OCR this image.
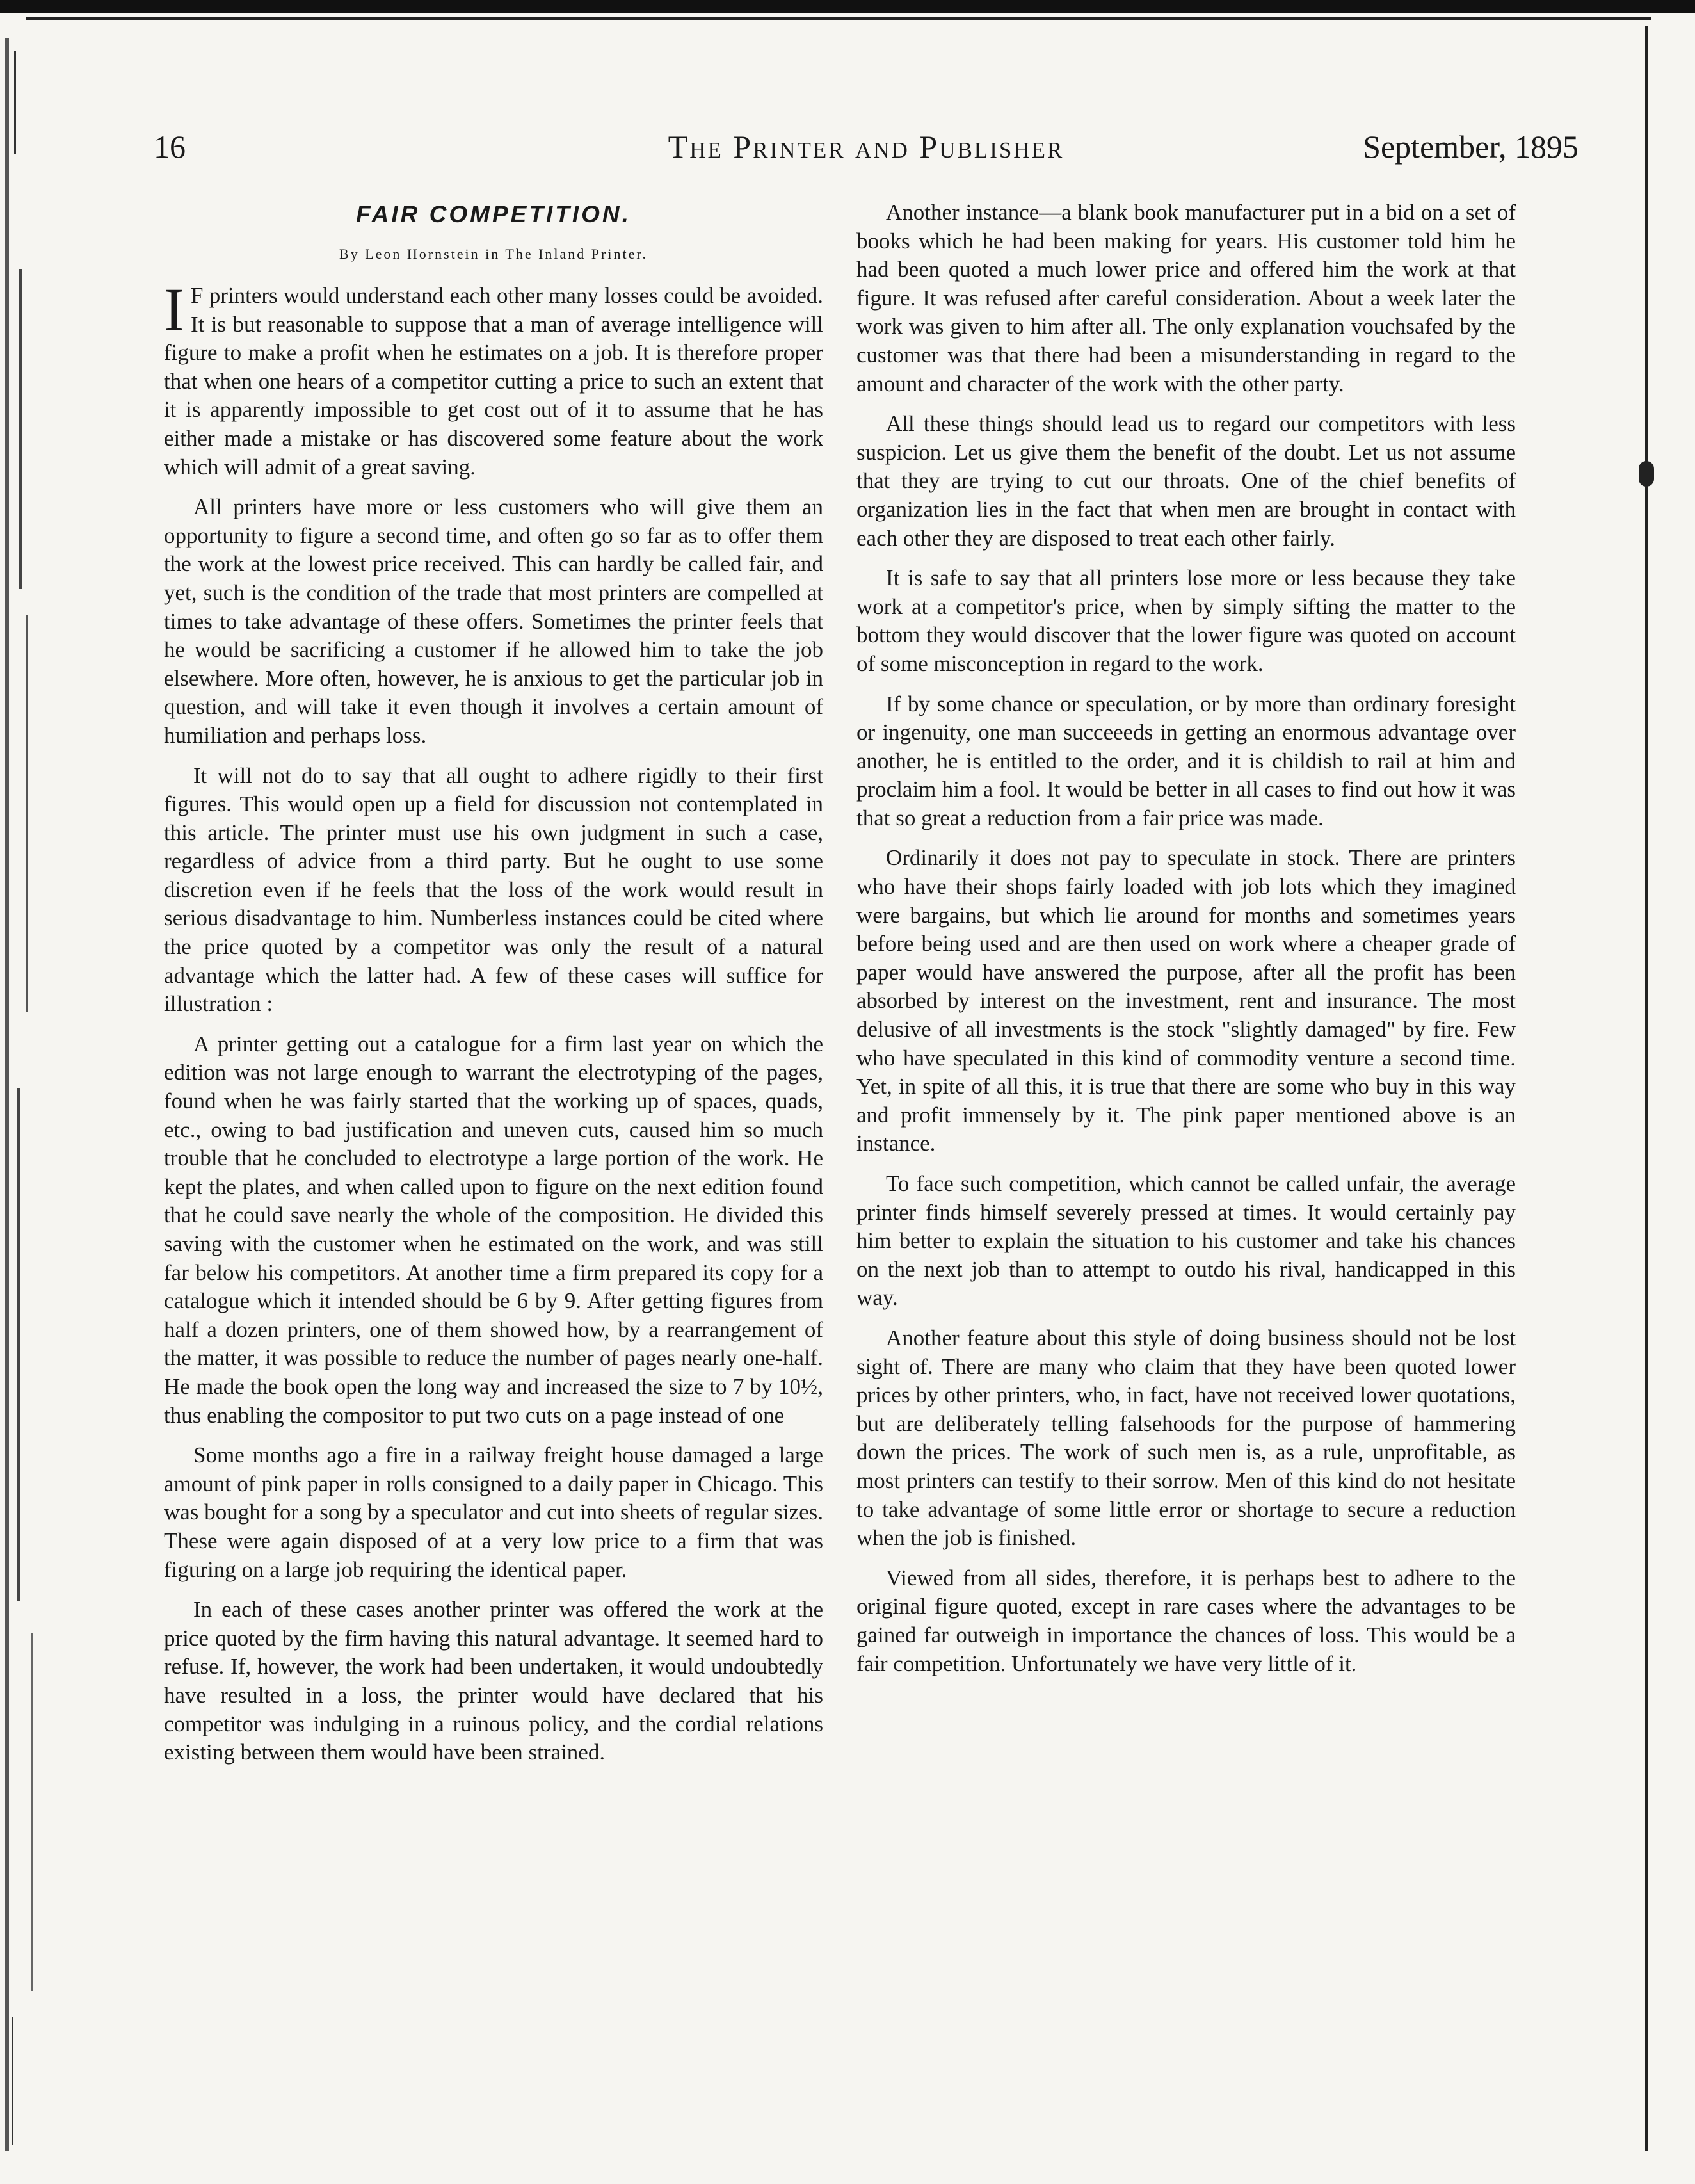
16	The Printer and Publisher	September, 1895
FAIR COMPETITION.
By Leon Hornstein in The Inland Printer.

I F printers would understand each other many losses could be avoided. It is but reasonable to suppose that a man of average intelligence will figure to make a profit when he estimates on a job. It is therefore proper that when one hears of a competitor cutting a price to such an extent that it is apparently impossible to get cost out of it to assume that he has either made a mistake or has discovered some feature about the work which will admit of a great saving.

All printers have more or less customers who will give them an opportunity to figure a second time, and often go so far as to offer them the work at the lowest price received. This can hardly be called fair, and yet, such is the condition of the trade that most printers are compelled at times to take advantage of these offers. Sometimes the printer feels that he would be sacrificing a customer if he allowed him to take the job elsewhere. More often, however, he is anxious to get the particular job in question, and will take it even though it involves a certain amount of humiliation and perhaps loss.

It will not do to say that all ought to adhere rigidly to their first figures. This would open up a field for discussion not contemplated in this article. The printer must use his own judgment in such a case, regardless of advice from a third party. But he ought to use some discretion even if he feels that the loss of the work would result in serious disadvantage to him. Numberless instances could be cited where the price quoted by a competitor was only the result of a natural advantage which the latter had. A few of these cases will suffice for illustration :

A printer getting out a catalogue for a firm last year on which the edition was not large enough to warrant the electrotyping of the pages, found when he was fairly started that the working up of spaces, quads, etc., owing to bad justification and uneven cuts, caused him so much trouble that he concluded to electrotype a large portion of the work. He kept the plates, and when called upon to figure on the next edition found that he could save nearly the whole of the composition. He divided this saving with the customer when he estimated on the work, and was still far below his competitors. At another time a firm prepared its copy for a catalogue which it intended should be 6 by 9. After getting figures from half a dozen printers, one of them showed how, by a rearrangement of the matter, it was possible to reduce the number of pages nearly one-half. He made the book open the long way and increased the size to 7 by 10½, thus enabling the compositor to put two cuts on a page instead of one

Some months ago a fire in a railway freight house damaged a large amount of pink paper in rolls consigned to a daily paper in Chicago. This was bought for a song by a speculator and cut into sheets of regular sizes. These were again disposed of at a very low price to a firm that was figuring on a large job requiring the identical paper.

In each of these cases another printer was offered the work at the price quoted by the firm having this natural advantage. It seemed hard to refuse. If, however, the work had been undertaken, it would undoubtedly have resulted in a loss, the printer would have declared that his competitor was indulging in a ruinous policy, and the cordial relations existing between them would have been strained.

Another instance—a blank book manufacturer put in a bid on a set of books which he had been making for years. His customer told him he had been quoted a much lower price and offered him the work at that figure. It was refused after careful consideration. About a week later the work was given to him after all. The only explanation vouchsafed by the customer was that there had been a misunderstanding in regard to the amount and character of the work with the other party.

All these things should lead us to regard our competitors with less suspicion. Let us give them the benefit of the doubt. Let us not assume that they are trying to cut our throats. One of the chief benefits of organization lies in the fact that when men are brought in contact with each other they are disposed to treat each other fairly.

It is safe to say that all printers lose more or less because they take work at a competitor's price, when by simply sifting the matter to the bottom they would discover that the lower figure was quoted on account of some misconception in regard to the work.

If by some chance or speculation, or by more than ordinary foresight or ingenuity, one man succeeeds in getting an enormous advantage over another, he is entitled to the order, and it is childish to rail at him and proclaim him a fool. It would be better in all cases to find out how it was that so great a reduction from a fair price was made.

Ordinarily it does not pay to speculate in stock. There are printers who have their shops fairly loaded with job lots which they imagined were bargains, but which lie around for months and sometimes years before being used and are then used on work where a cheaper grade of paper would have answered the purpose, after all the profit has been absorbed by interest on the investment, rent and insurance. The most delusive of all investments is the stock "slightly damaged" by fire. Few who have speculated in this kind of commodity venture a second time. Yet, in spite of all this, it is true that there are some who buy in this way and profit immensely by it. The pink paper mentioned above is an instance.

To face such competition, which cannot be called unfair, the average printer finds himself severely pressed at times. It would certainly pay him better to explain the situation to his customer and take his chances on the next job than to attempt to outdo his rival, handicapped in this way.

Another feature about this style of doing business should not be lost sight of. There are many who claim that they have been quoted lower prices by other printers, who, in fact, have not received lower quotations, but are deliberately telling falsehoods for the purpose of hammering down the prices. The work of such men is, as a rule, unprofitable, as most printers can testify to their sorrow. Men of this kind do not hesitate to take advantage of some little error or shortage to secure a reduction when the job is finished.

Viewed from all sides, therefore, it is perhaps best to adhere to the original figure quoted, except in rare cases where the advantages to be gained far outweigh in importance the chances of loss. This would be a fair competition. Unfortunately we have very little of it.
